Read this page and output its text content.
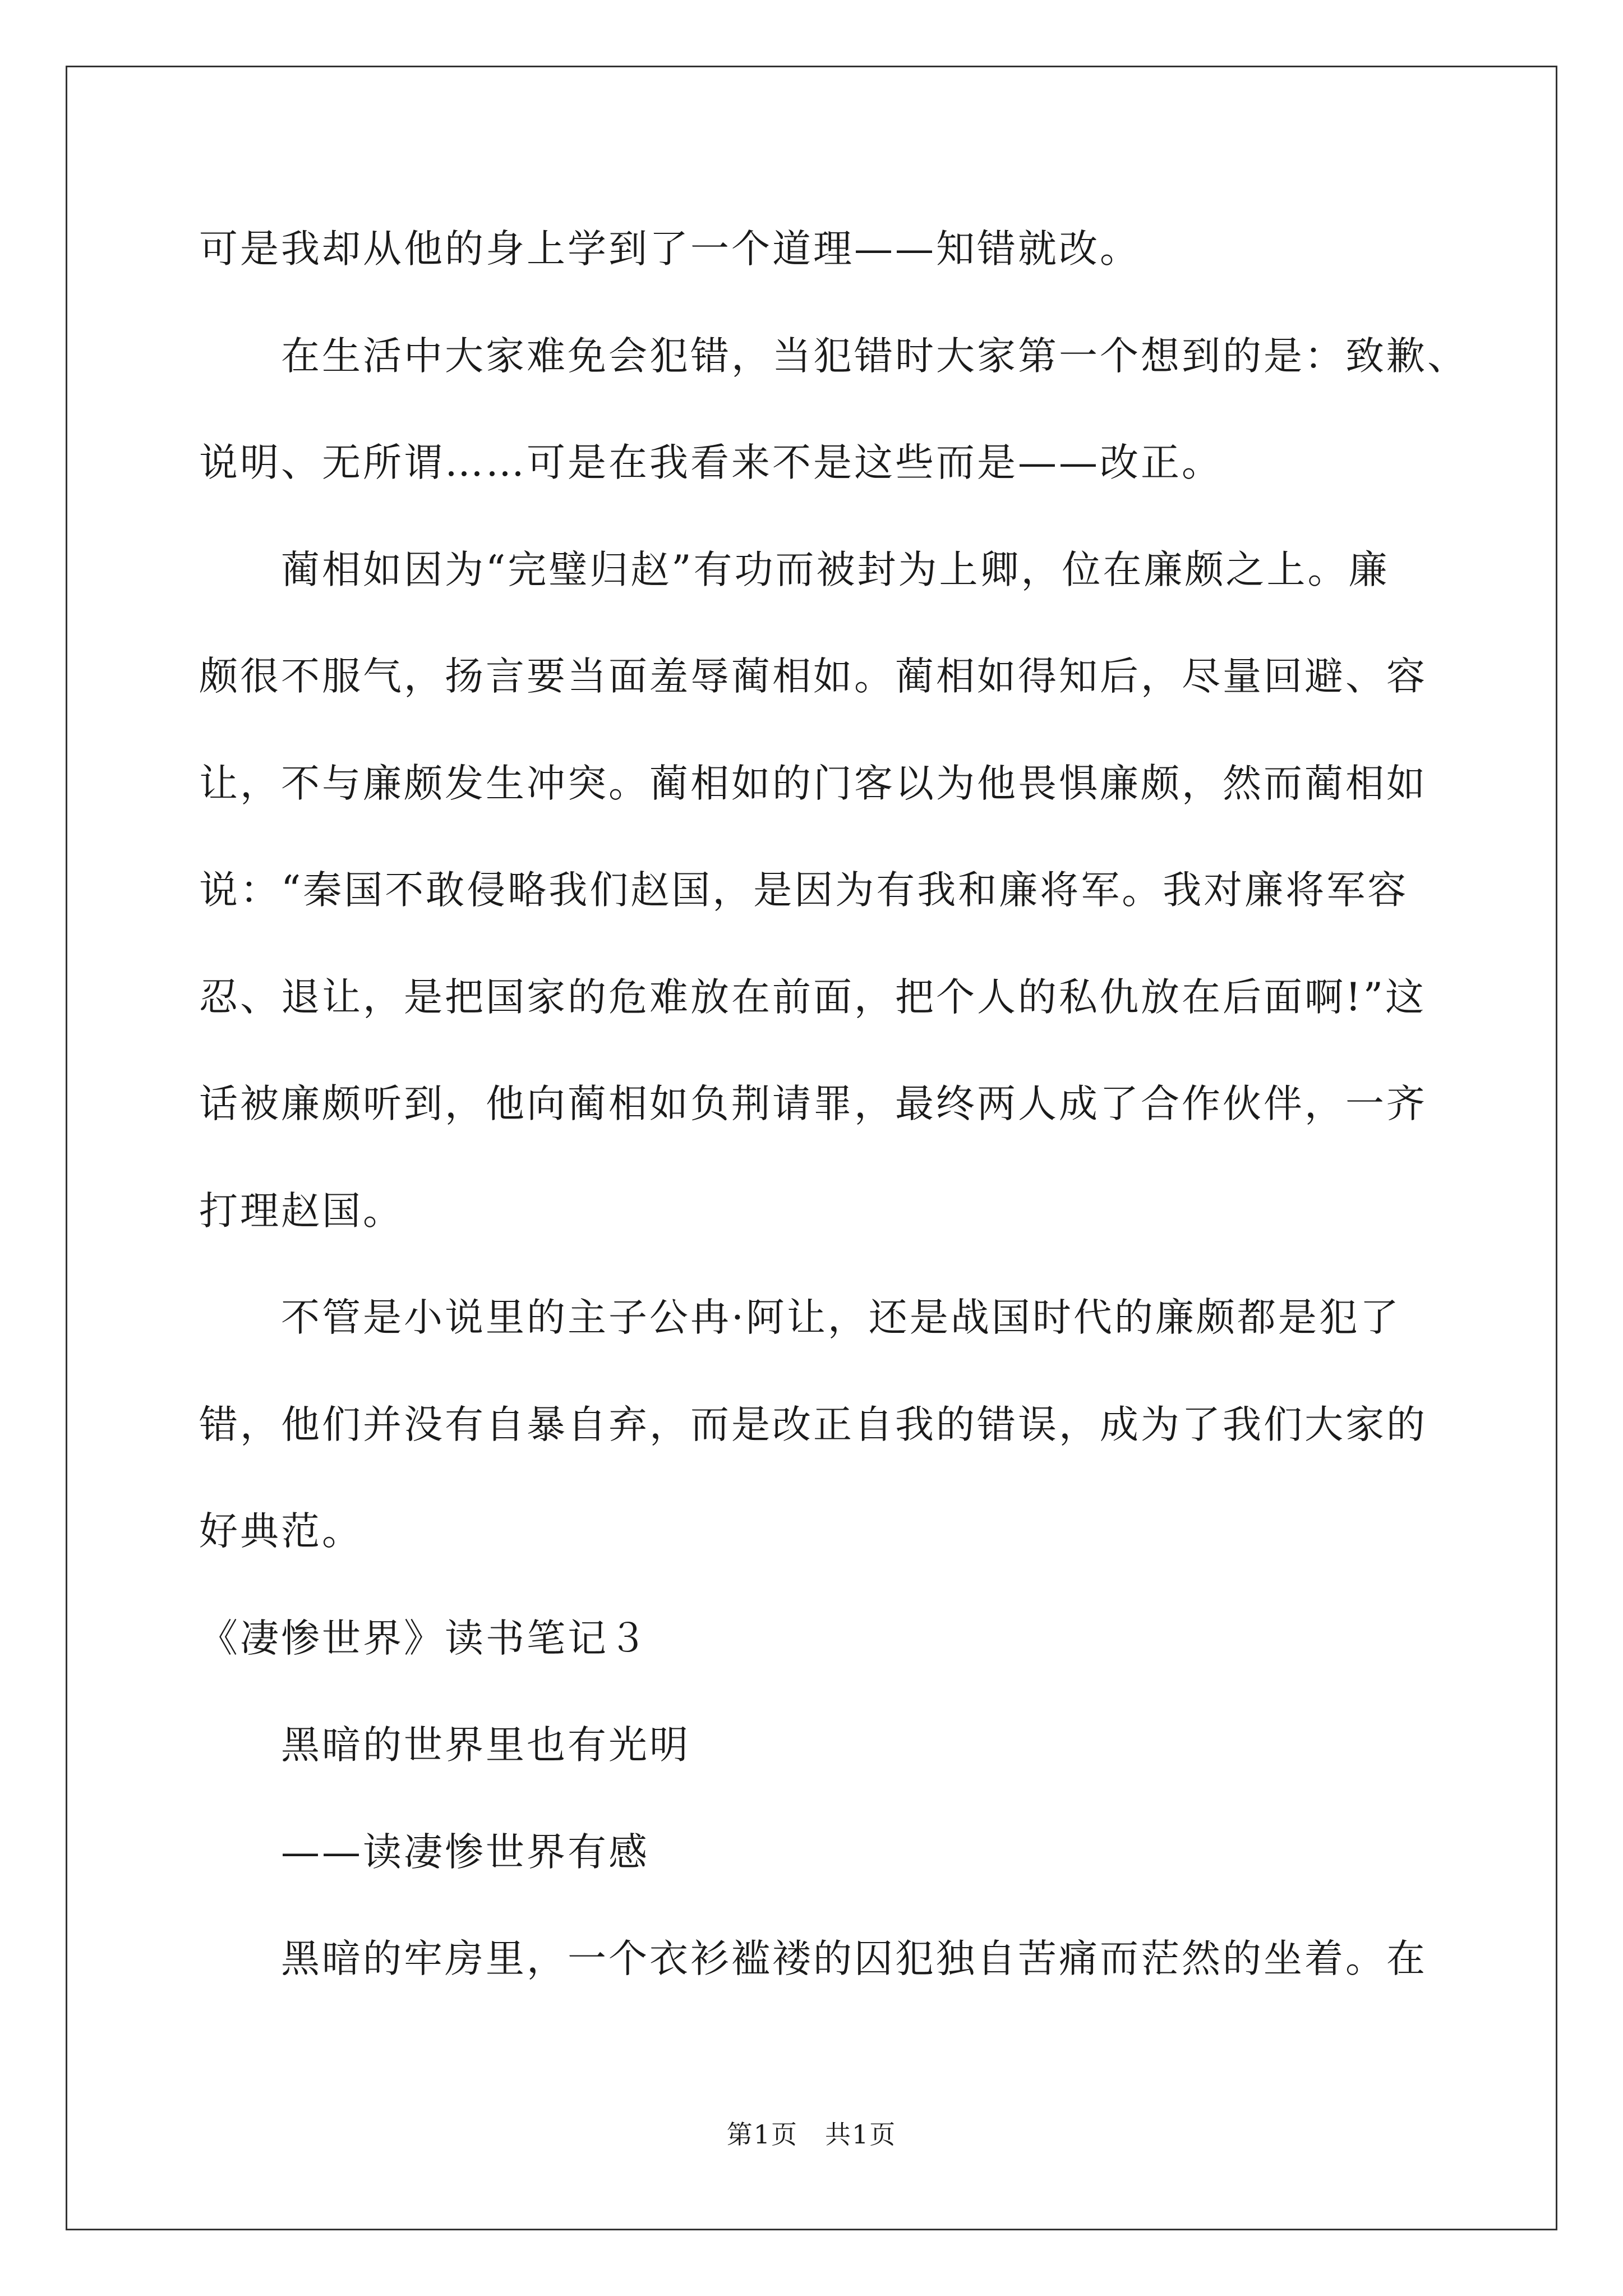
可是我却从他的身上学到了一个道理——知错就改。
　　在生活中大家难免会犯错，当犯错时大家第一个想到的是：致歉、
说明、无所谓……可是在我看来不是这些而是——改正。
　　蔺相如因为“完璧归赵”有功而被封为上卿，位在廉颇之上。廉
颇很不服气，扬言要当面羞辱蔺相如。蔺相如得知后，尽量回避、容
让，不与廉颇发生冲突。蔺相如的门客以为他畏惧廉颇，然而蔺相如
说：“秦国不敢侵略我们赵国，是因为有我和廉将军。我对廉将军容
忍、退让，是把国家的危难放在前面，把个人的私仇放在后面啊!”这
话被廉颇听到，他向蔺相如负荆请罪，最终两人成了合作伙伴，一齐
打理赵国。
　　不管是小说里的主子公冉·阿让，还是战国时代的廉颇都是犯了
错，他们并没有自暴自弃，而是改正自我的错误，成为了我们大家的
好典范。
《凄惨世界》读书笔记３
　　黑暗的世界里也有光明
　　——读凄惨世界有感
　　黑暗的牢房里，一个衣衫褴褛的囚犯独自苦痛而茫然的坐着。在
第1页　共1页
